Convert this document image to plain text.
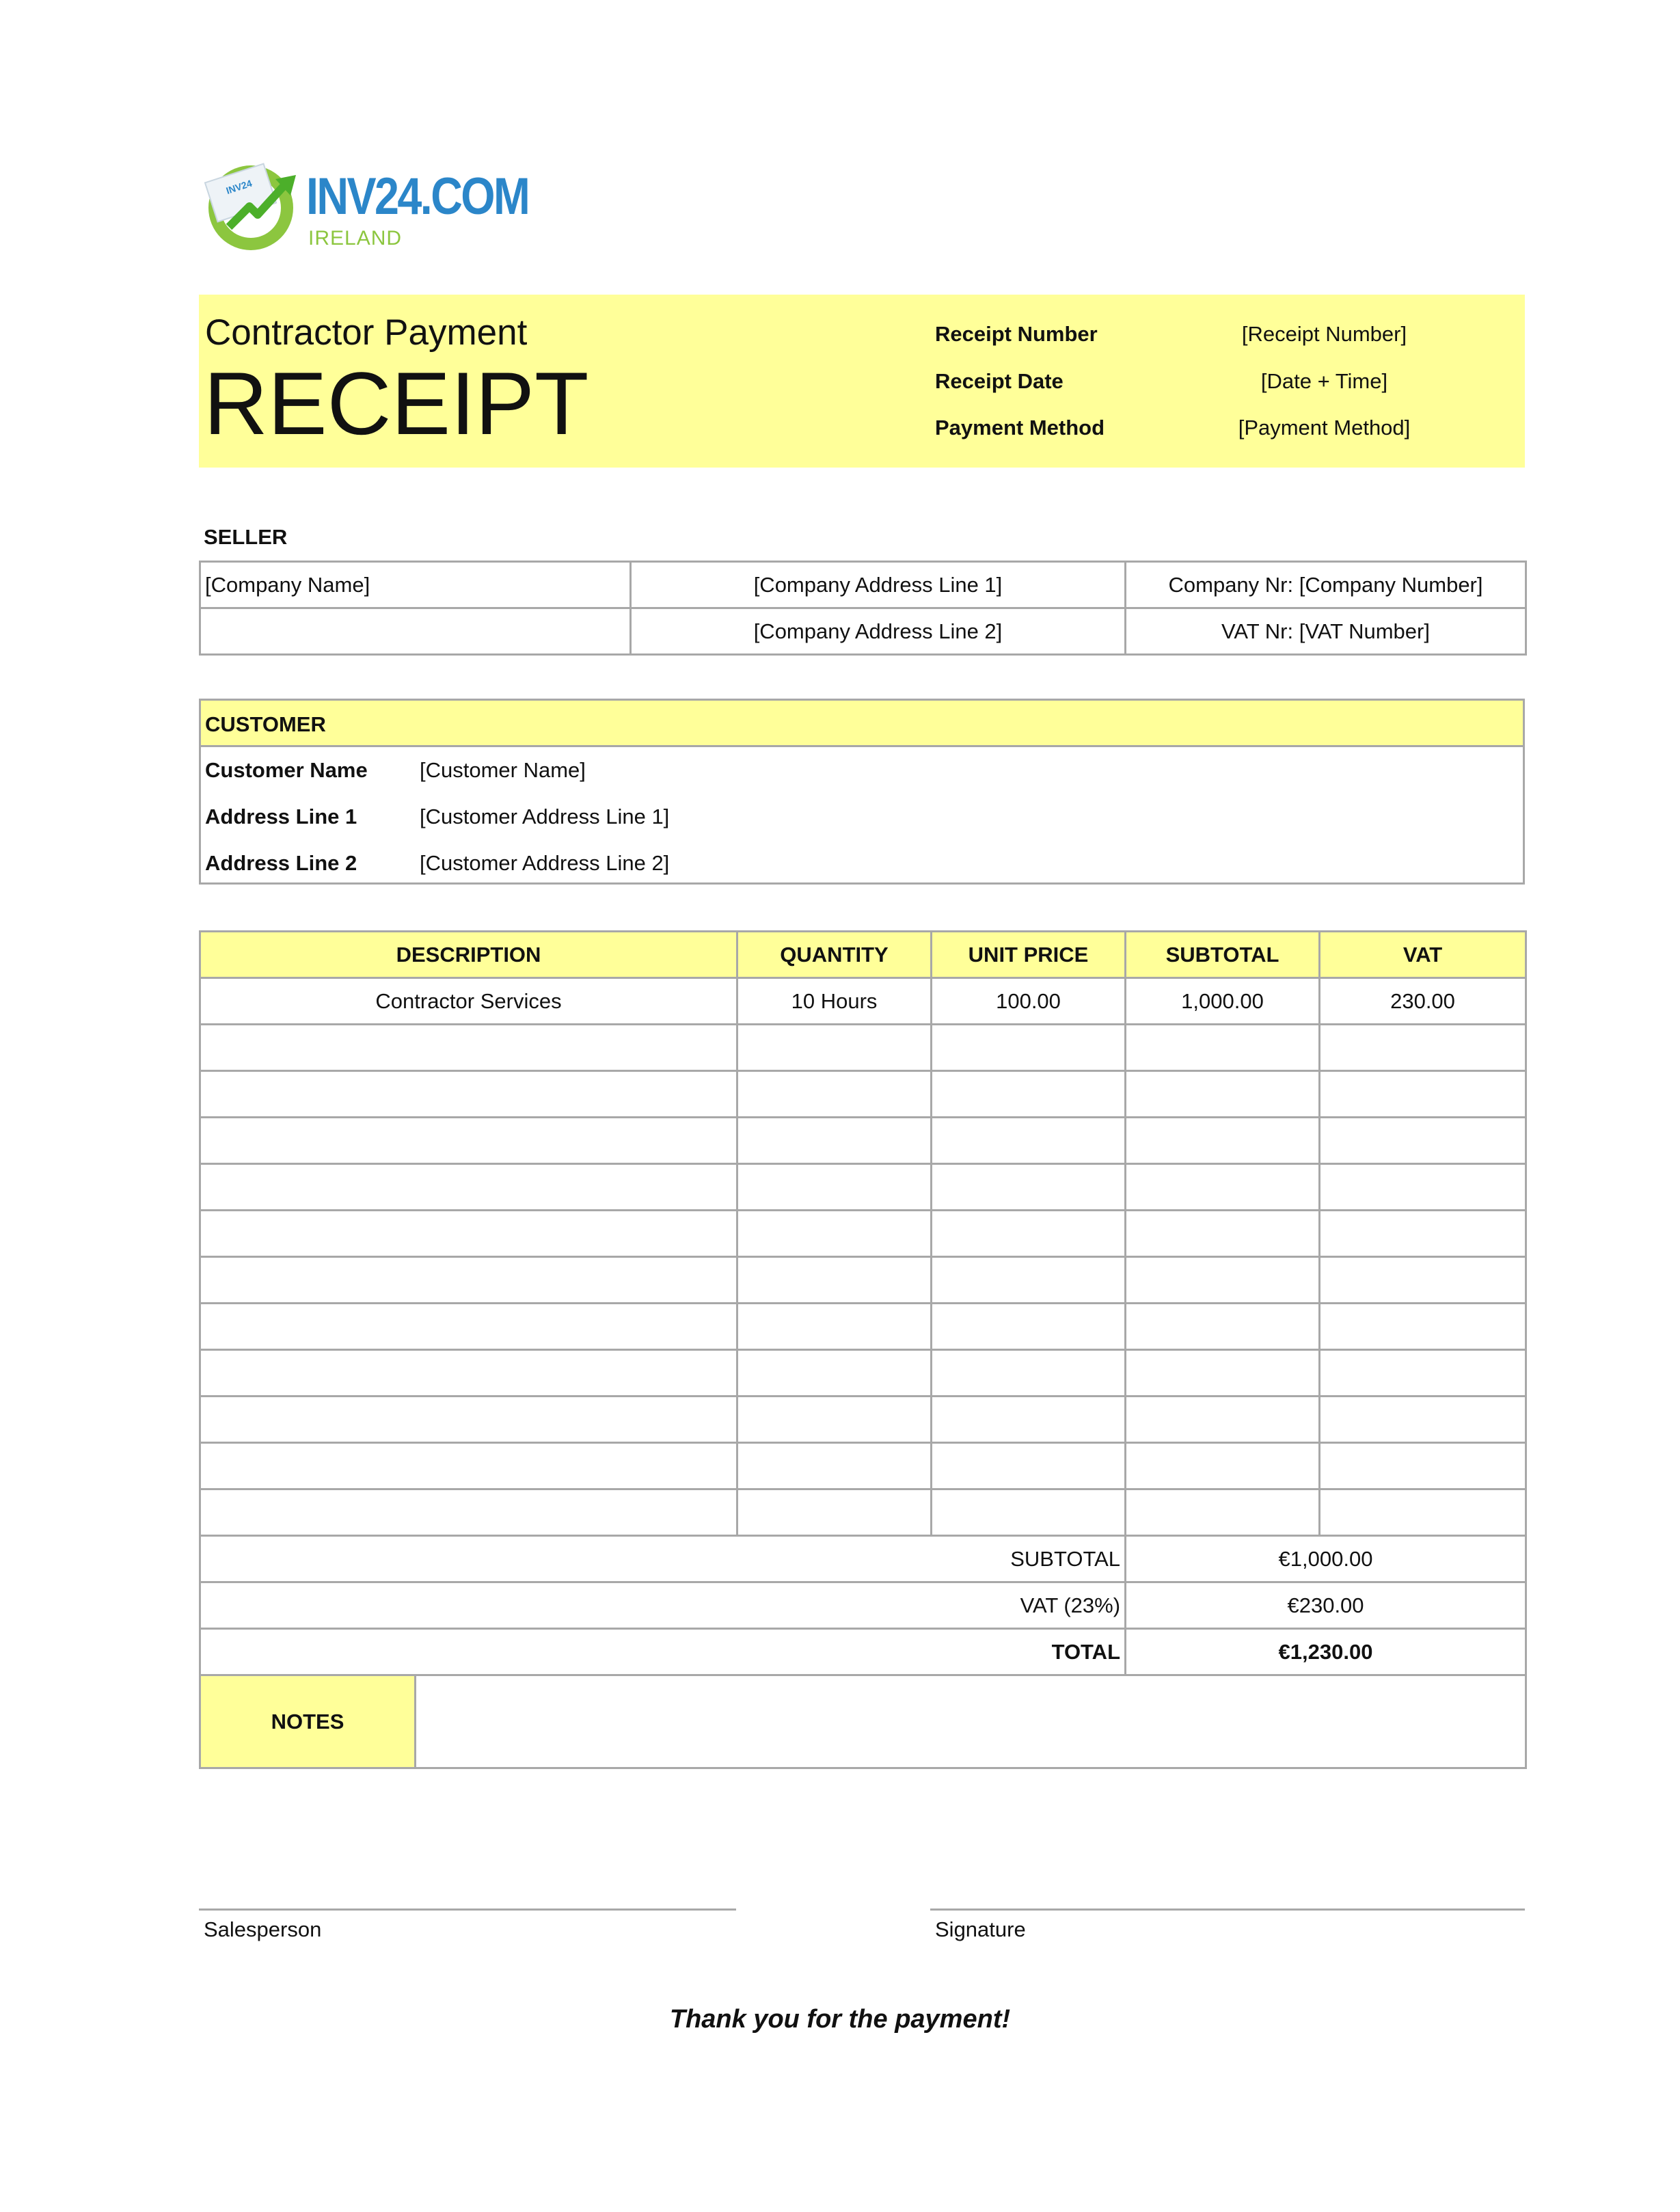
INV24 INV24.COM
IRELAND
Contractor Payment
RECEIPT
Receipt Number	[Receipt Number]
Receipt Date	[Date + Time]
Payment Method	[Payment Method]
SELLER
[Company Name]	[Company Address Line 1]	Company Nr: [Company Number]
	[Company Address Line 2]	VAT Nr: [VAT Number]
CUSTOMER
Customer Name [Customer Name]
Address Line 1	[Customer Address Line 1]
Address Line 2	[Customer Address Line 2]
DESCRIPTION		QUANTITY	UNIT PRICE	SUBTOTAL	VAT
Contractor Services		10 Hours	100.00	1,000.00	230.00

SUBTOTAL				€1,000.00	
VAT (23%)				€230.00	
TOTAL				€1,230.00	
NOTES					
Salesperson	Signature
Thank you for the payment!
